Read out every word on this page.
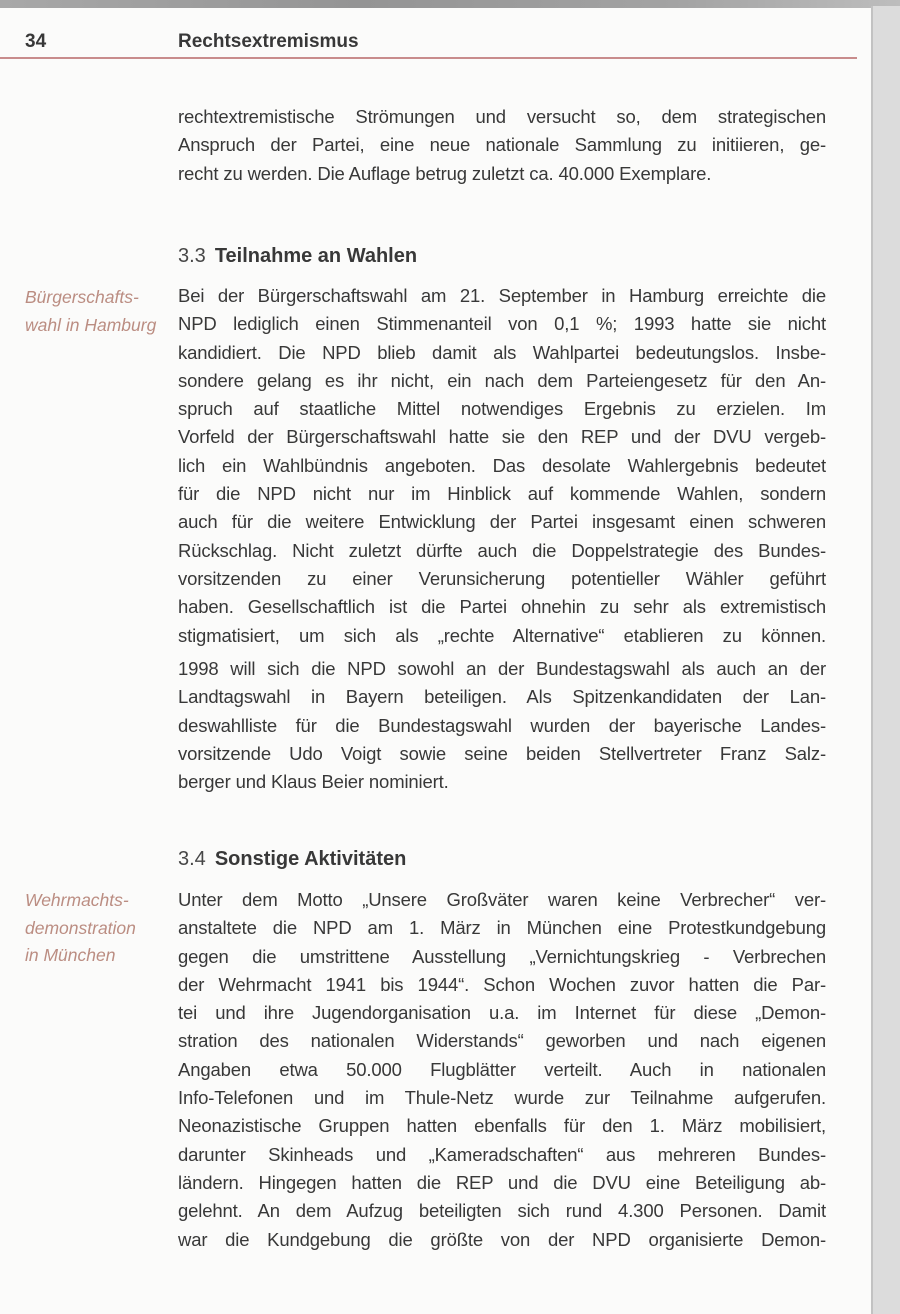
34	Rechtsextremismus
rechtextremistische Strömungen und versucht so, dem strategischen
Anspruch der Partei, eine neue nationale Sammlung zu initiieren, ge-
recht zu werden. Die Auflage betrug zuletzt ca. 40.000 Exemplare.
3.3 Teilnahme an Wahlen
Bürgerschafts-
wahl in Hamburg
Bei der Bürgerschaftswahl am 21. September in Hamburg erreichte die
NPD lediglich einen Stimmenanteil von 0,1 %; 1993 hatte sie nicht
kandidiert. Die NPD blieb damit als Wahlpartei bedeutungslos. Insbe-
sondere gelang es ihr nicht, ein nach dem Parteiengesetz für den An-
spruch auf staatliche Mittel notwendiges Ergebnis zu erzielen. Im
Vorfeld der Bürgerschaftswahl hatte sie den REP und der DVU vergeb-
lich ein Wahlbündnis angeboten. Das desolate Wahlergebnis bedeutet
für die NPD nicht nur im Hinblick auf kommende Wahlen, sondern
auch für die weitere Entwicklung der Partei insgesamt einen schweren
Rückschlag. Nicht zuletzt dürfte auch die Doppelstrategie des Bundes-
vorsitzenden zu einer Verunsicherung potentieller Wähler geführt
haben. Gesellschaftlich ist die Partei ohnehin zu sehr als extremistisch
stigmatisiert, um sich als „rechte Alternative“ etablieren zu können.
1998 will sich die NPD sowohl an der Bundestagswahl als auch an der
Landtagswahl in Bayern beteiligen. Als Spitzenkandidaten der Lan-
deswahlliste für die Bundestagswahl wurden der bayerische Landes-
vorsitzende Udo Voigt sowie seine beiden Stellvertreter Franz Salz-
berger und Klaus Beier nominiert.
3.4 Sonstige Aktivitäten
Wehrmachts-
demonstration
in München
Unter dem Motto „Unsere Großväter waren keine Verbrecher“ ver-
anstaltete die NPD am 1. März in München eine Protestkundgebung
gegen die umstrittene Ausstellung „Vernichtungskrieg - Verbrechen
der Wehrmacht 1941 bis 1944“. Schon Wochen zuvor hatten die Par-
tei und ihre Jugendorganisation u.a. im Internet für diese „Demon-
stration des nationalen Widerstands“ geworben und nach eigenen
Angaben etwa 50.000 Flugblätter verteilt. Auch in nationalen
Info-Telefonen und im Thule-Netz wurde zur Teilnahme aufgerufen.
Neonazistische Gruppen hatten ebenfalls für den 1. März mobilisiert,
darunter Skinheads und „Kameradschaften“ aus mehreren Bundes-
ländern. Hingegen hatten die REP und die DVU eine Beteiligung ab-
gelehnt. An dem Aufzug beteiligten sich rund 4.300 Personen. Damit
war die Kundgebung die größte von der NPD organisierte Demon-
